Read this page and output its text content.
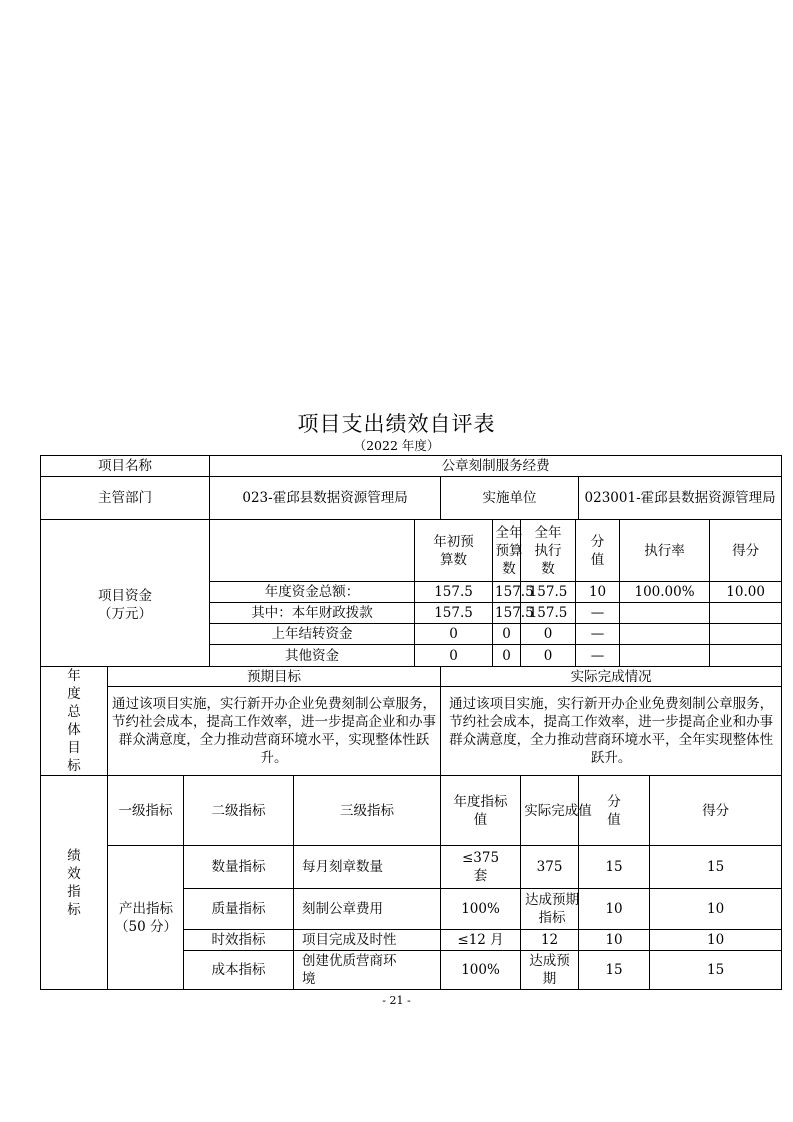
项目支出绩效自评表
（2022 年度）
项目名称			公章刻制服务经费											
主管部门			023-霍邱县数据资源管理局			实施单位				023001-霍邱县数据资源管理局				

项目资金（万元）					年初预算数		全年预算数	全年执行数	分值		执行率		得分	
			年度资金总额：		157.5		157.5	157.5	10		100.00%		10.00	
			其中：本年财政拨款		157.5		157.5	157.5	—					
			上年结转资金		0		0	0	—					
			其他资金		0		0	0	—					

年度总体目标	预期目标					实际完成情况								
	通过该项目实施，实行新开办企业免费刻制公章服务，节约社会成本，提高工作效率，进一步提高企业和办事群众满意度，全力推动营商环境水平，实现整体性跃升。					通过该项目实施，实行新开办企业免费刻制公章服务，节约社会成本，提高工作效率，进一步提高企业和办事群众满意度，全力推动营商环境水平，全年实现整体性跃升。								

绩效指标	一级指标	二级指标		三级指标		年度指标值		实际完成值		分值		得分	

	产出指标（50 分）	数量指标		每月刻章数量		≤375套		375		15		15		
		质量指标		刻制公章费用		100%		达成预期指标		10		10		
		时效指标		项目完成及时性		≤12 月		12		10		10		
		成本指标		创建优质营商环境		100%		达成预期		15		15		
- 21 -
